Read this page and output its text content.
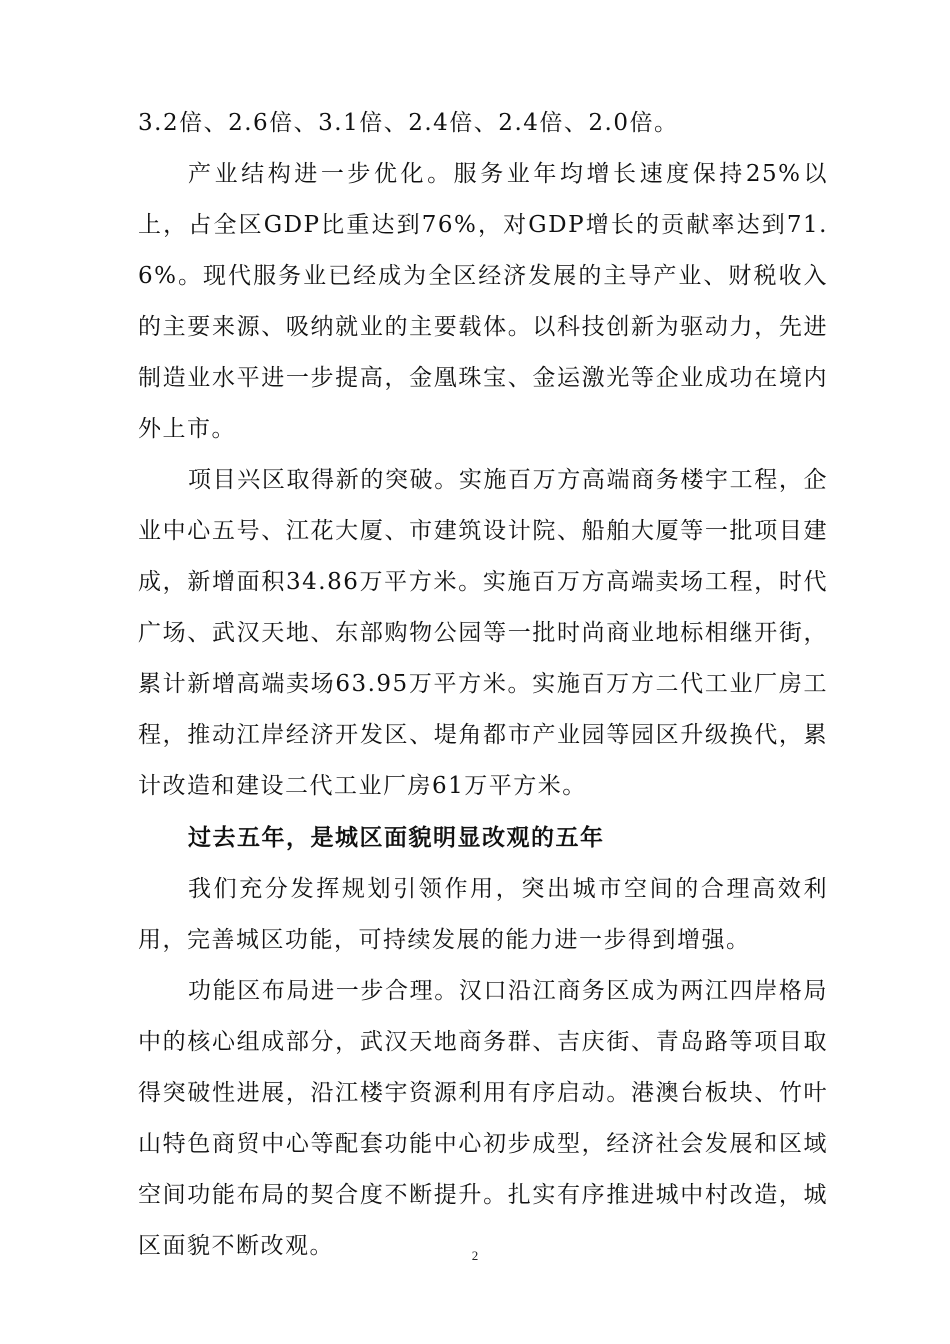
3.2倍、2.6倍、3.1倍、2.4倍、2.4倍、2.0倍。

产业结构进一步优化。服务业年均增长速度保持25%以上，占全区GDP比重达到76%，对GDP增长的贡献率达到71.6%。现代服务业已经成为全区经济发展的主导产业、财税收入的主要来源、吸纳就业的主要载体。以科技创新为驱动力，先进制造业水平进一步提高，金凰珠宝、金运激光等企业成功在境内外上市。

项目兴区取得新的突破。实施百万方高端商务楼宇工程，企业中心五号、江花大厦、市建筑设计院、船舶大厦等一批项目建成，新增面积34.86万平方米。实施百万方高端卖场工程，时代广场、武汉天地、东部购物公园等一批时尚商业地标相继开街，累计新增高端卖场63.95万平方米。实施百万方二代工业厂房工程，推动江岸经济开发区、堤角都市产业园等园区升级换代，累计改造和建设二代工业厂房61万平方米。

过去五年，是城区面貌明显改观的五年

我们充分发挥规划引领作用，突出城市空间的合理高效利用，完善城区功能，可持续发展的能力进一步得到增强。

功能区布局进一步合理。汉口沿江商务区成为两江四岸格局中的核心组成部分，武汉天地商务群、吉庆街、青岛路等项目取得突破性进展，沿江楼宇资源利用有序启动。港澳台板块、竹叶山特色商贸中心等配套功能中心初步成型，经济社会发展和区域空间功能布局的契合度不断提升。扎实有序推进城中村改造，城区面貌不断改观。	2
